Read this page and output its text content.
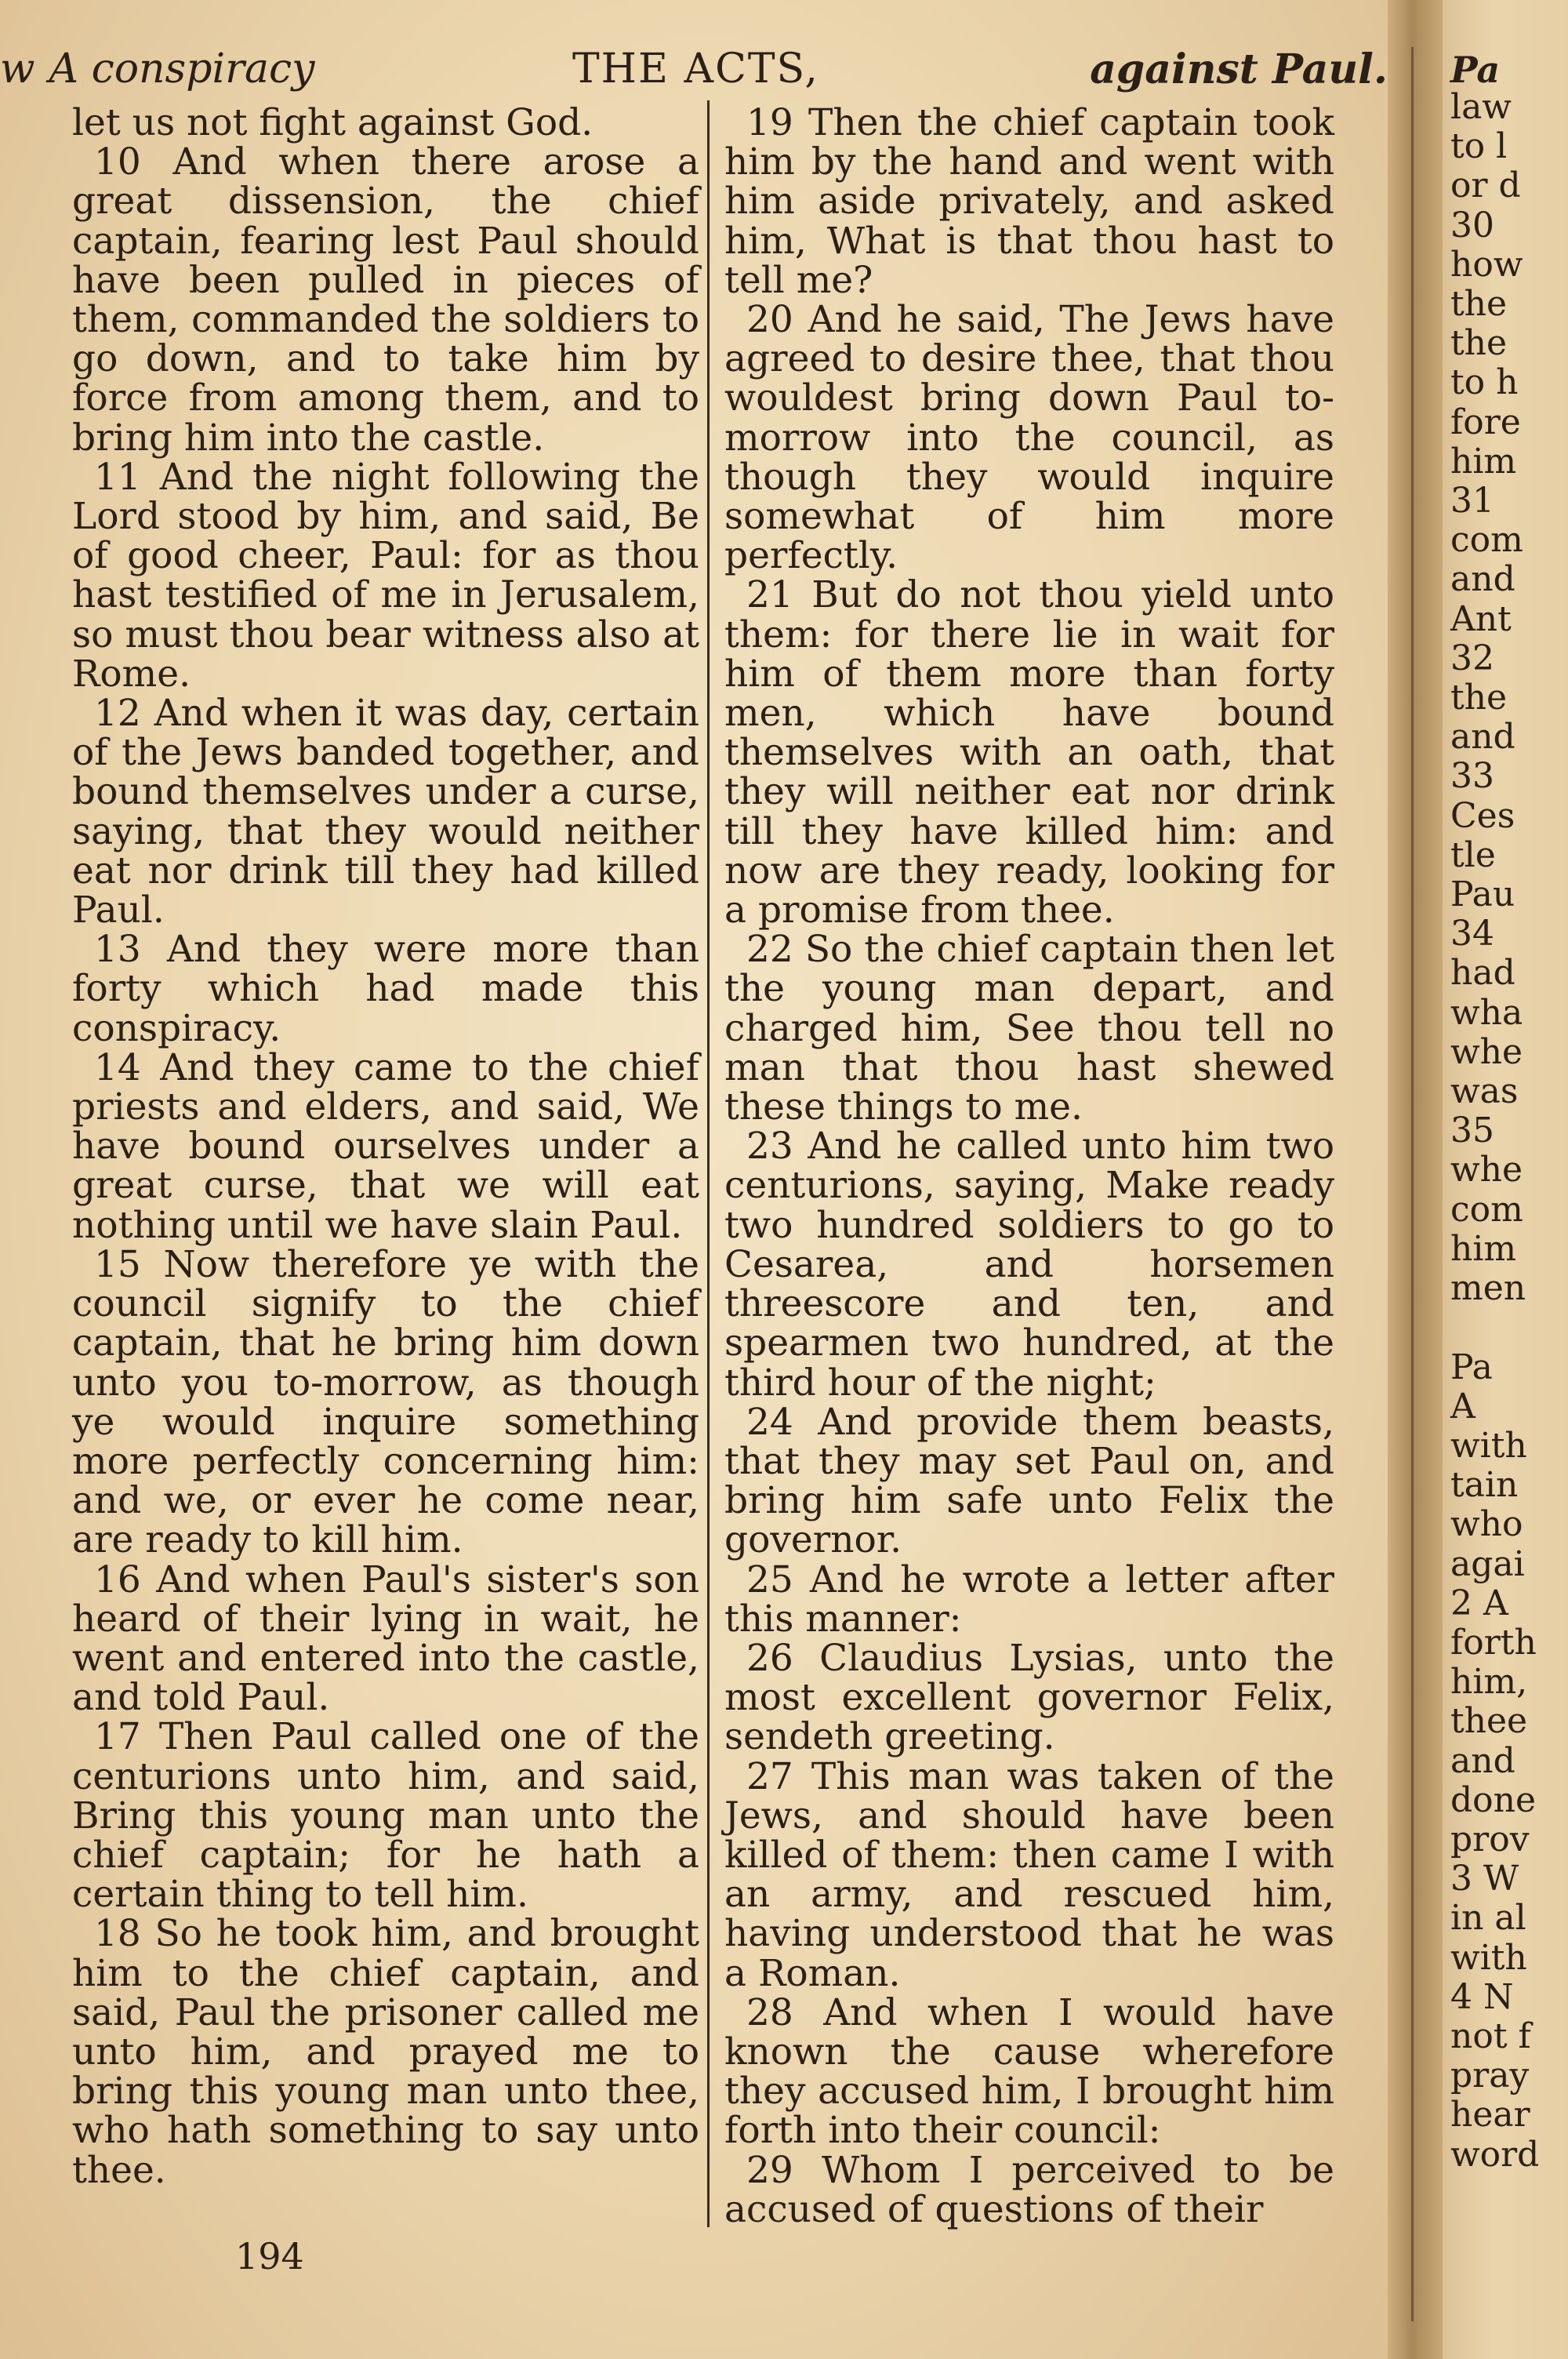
w A conspiracy	THE ACTS,	against Paul.

let us not fight against God.

10 And when there arose a great dissension, the chief captain, fearing lest Paul should have been pulled in pieces of them, commanded the soldiers to go down, and to take him by force from among them, and to bring him into the castle.

11 And the night following the Lord stood by him, and said, Be of good cheer, Paul: for as thou hast testified of me in Jerusalem, so must thou bear witness also at Rome.

12 And when it was day, certain of the Jews banded together, and bound themselves under a curse, saying, that they would neither eat nor drink till they had killed Paul.

13 And they were more than forty which had made this conspiracy.

14 And they came to the chief priests and elders, and said, We have bound ourselves under a great curse, that we will eat nothing until we have slain Paul.

15 Now therefore ye with the council signify to the chief captain, that he bring him down unto you to-morrow, as though ye would inquire something more perfectly concerning him: and we, or ever he come near, are ready to kill him.

16 And when Paul's sister's son heard of their lying in wait, he went and entered into the castle, and told Paul.

17 Then Paul called one of the centurions unto him, and said, Bring this young man unto the chief captain; for he hath a certain thing to tell him.

18 So he took him, and brought him to the chief captain, and said, Paul the prisoner called me unto him, and prayed me to bring this young man unto thee, who hath something to say unto thee.

19 Then the chief captain took him by the hand and went with him aside privately, and asked him, What is that thou hast to tell me?

20 And he said, The Jews have agreed to desire thee, that thou wouldest bring down Paul to-morrow into the council, as though they would inquire somewhat of him more perfectly.

21 But do not thou yield unto them: for there lie in wait for him of them more than forty men, which have bound themselves with an oath, that they will neither eat nor drink till they have killed him: and now are they ready, looking for a promise from thee.

22 So the chief captain then let the young man depart, and charged him, See thou tell no man that thou hast shewed these things to me.

23 And he called unto him two centurions, saying, Make ready two hundred soldiers to go to Cesarea, and horsemen threescore and ten, and spearmen two hundred, at the third hour of the night;

24 And provide them beasts, that they may set Paul on, and bring him safe unto Felix the governor.

25 And he wrote a letter after this manner:

26 Claudius Lysias, unto the most excellent governor Felix, sendeth greeting.

27 This man was taken of the Jews, and should have been killed of them: then came I with an army, and rescued him, having understood that he was a Roman.

28 And when I would have known the cause wherefore they accused him, I brought him forth into their council:

29 Whom I perceived to be accused of questions of their

194
Pa
law
to l
or d
30
how
the
the
to h
fore
him
31
com
and
Ant
32
the
and
33
Ces
tle
Pau
34
had
wha
whe
was
35
whe
com
him
men

Pa
A
with
tain
who
agai
2 A
forth
him,
thee
and
done
prov
3 W
in al
with
4 N
not f
pray
hear
word
